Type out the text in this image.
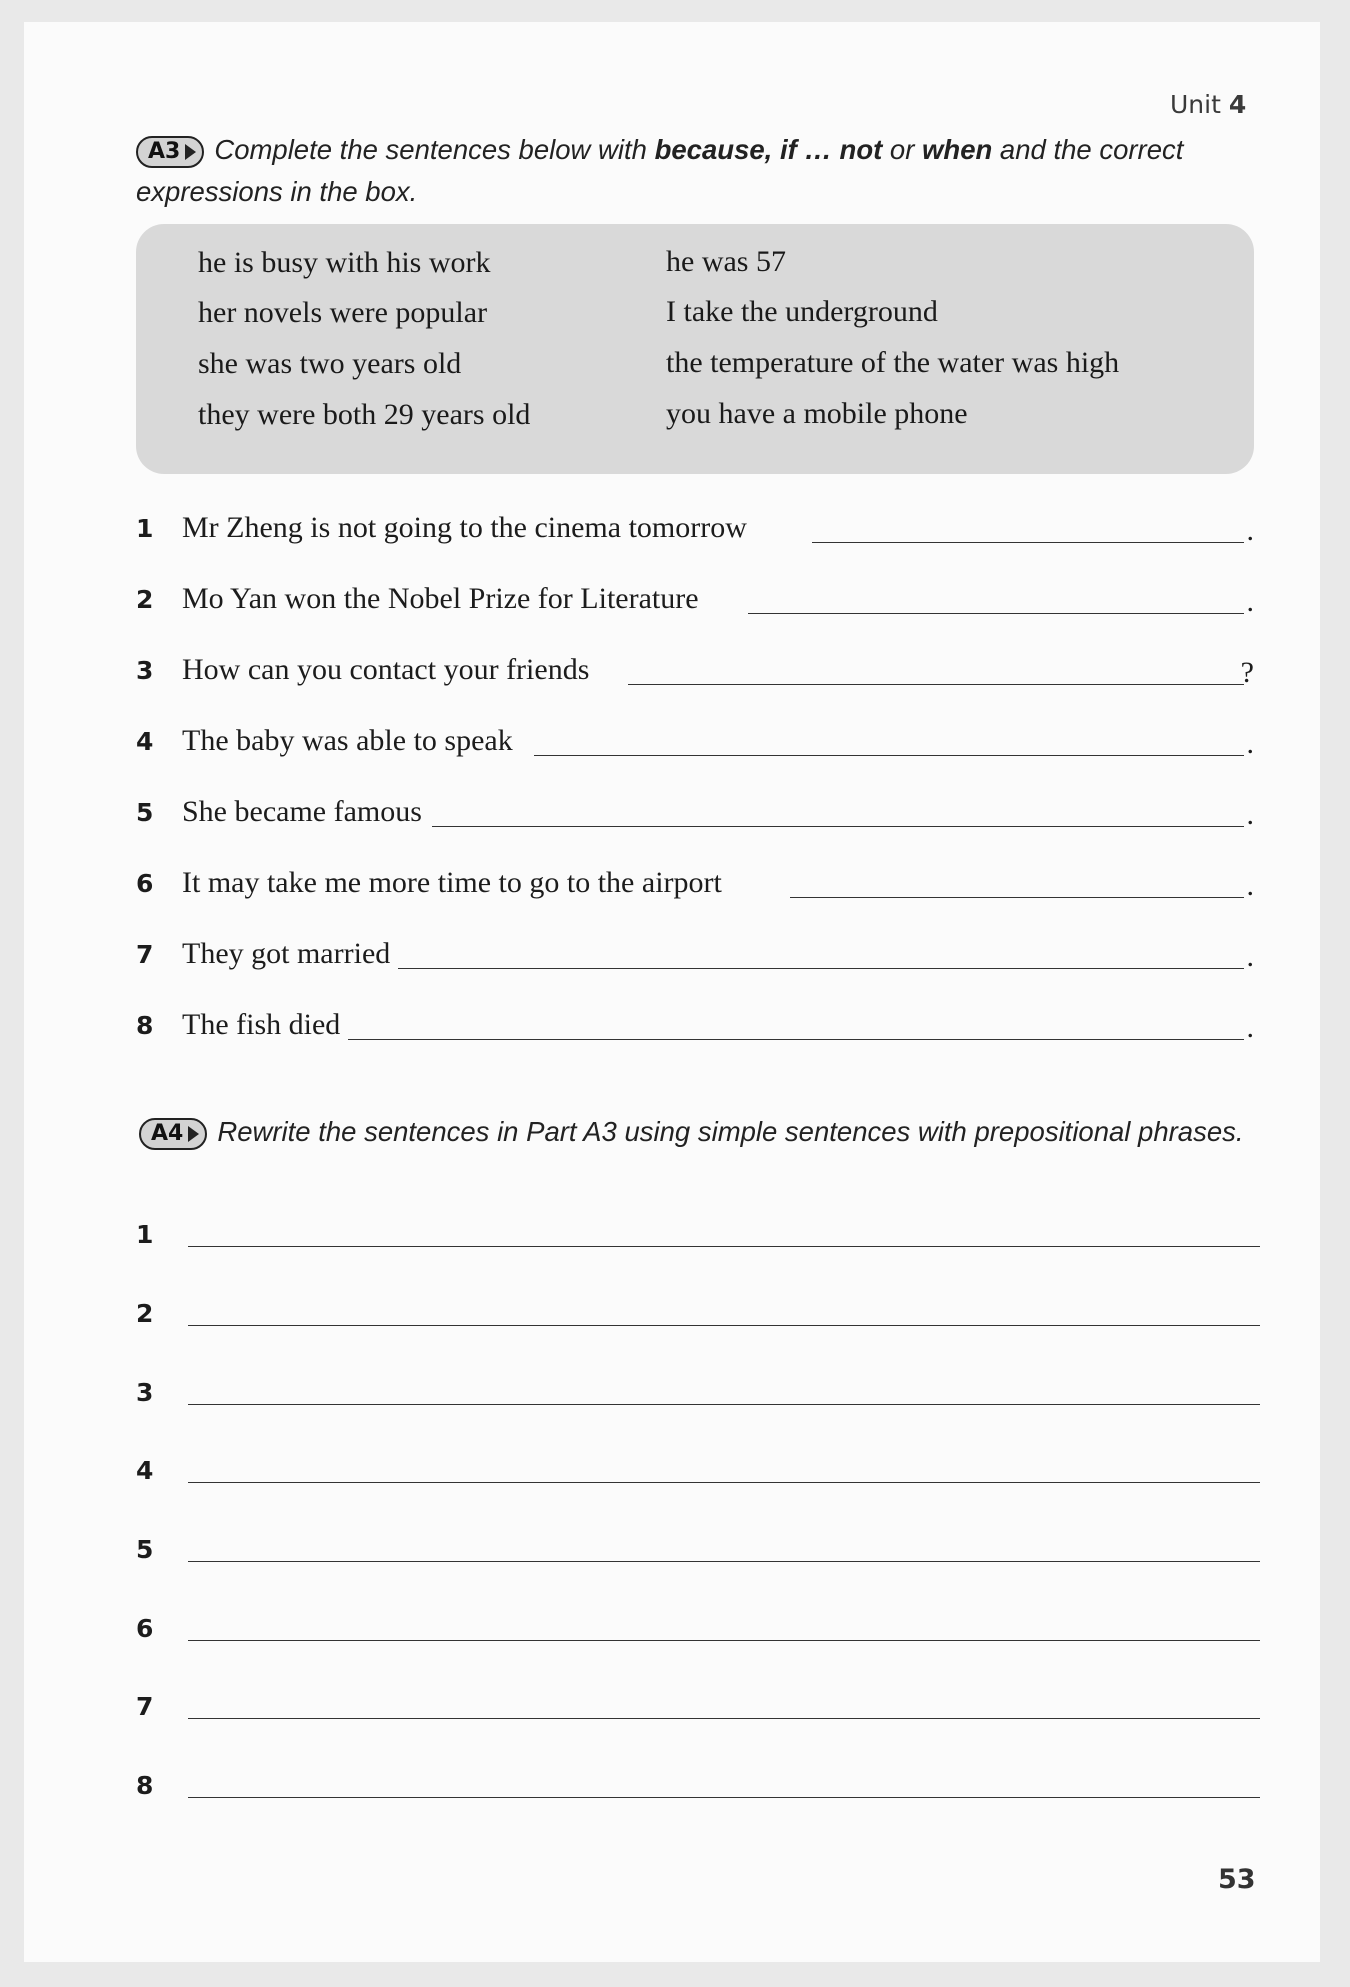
Unit 4
A3 Complete the sentences below with because, if … not or when and the correct
expressions in the box.
he is busy with his work
her novels were popular
she was two years old
they were both 29 years old
he was 57
I take the underground
the temperature of the water was high
you have a mobile phone
1 Mr Zheng is not going to the cinema tomorrow	.
2 Mo Yan won the Nobel Prize for Literature	.
3 How can you contact your friends	?
4 The baby was able to speak	.
5 She became famous	.
6 It may take me more time to go to the airport	.
7 They got married	.
8 The fish died	.
A4 Rewrite the sentences in Part A3 using simple sentences with prepositional phrases.
1
2
3
4
5
6
7
8
53
